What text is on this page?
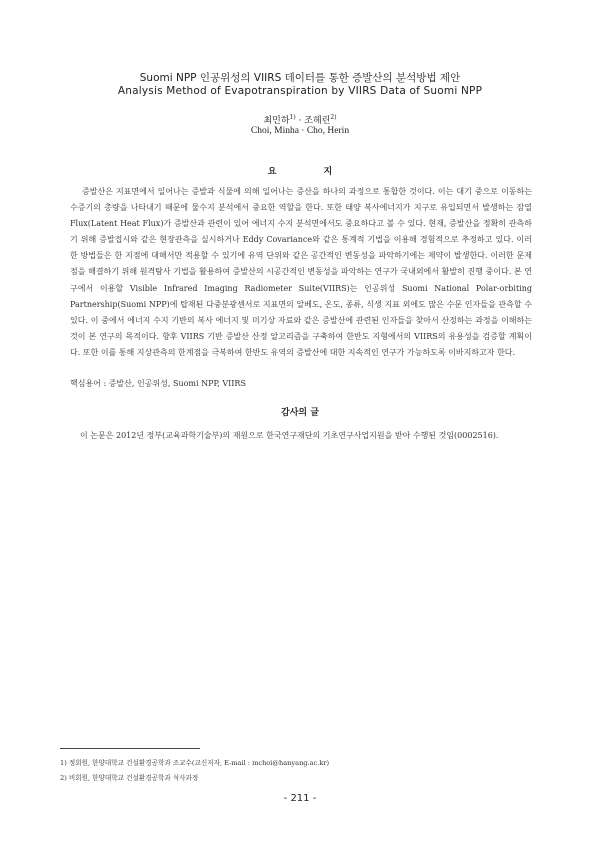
Suomi NPP 인공위성의 VIIRS 데이터를 통한 증발산의 분석방법 제안
Analysis Method of Evapotranspiration by VIIRS Data of Suomi NPP
최민하$^{1)}$ · 조헤린$^{2)}$
Choi, Minha · Cho, Herin
요 지
증발산은 지표면에서 일어나는 증발과 식물에 의해 일어나는 증산을 하나의 과정으로 통합한 것이다. 이는 대기 중으로 이동하는 수증기의 총량을 나타내기 때문에 물수지 분석에서 중요한 역할을 한다. 또한 태양 복사에너지가 지구로 유입되면서 발생하는 잠열 Flux(Latent Heat Flux)가 증발산과 관련이 있어 에너지 수지 분석면에서도 중요하다고 볼 수 있다. 현재, 증발산을 정확히 관측하기 위해 증발접시와 같은 현장관측을 실시하거나 Eddy Covariance와 같은 통계적 기법을 이용해 경험적으로 추정하고 있다. 이러한 방법들은 한 지점에 대해서만 적용할 수 있기에 유역 단위와 같은 공간적인 변동성을 파악하기에는 제약이 발생한다. 이러한 문제점을 해결하기 위해 원격탐사 기법을 활용하여 증발산의 시공간적인 변동성을 파악하는 연구가 국내외에서 활발히 진행 중이다. 본 연구에서 이용할 Visible Infrared Imaging Radiometer Suite(VIIRS)는 인공위성 Suomi National Polar-orbiting Partnership(Suomi NPP)에 탑재된 다중분광센서로 지표면의 알베도, 온도, 종류, 식생 지표 외에도 많은 수문 인자들을 관측할 수 있다. 이 중에서 에너지 수지 기반의 복사 에너지 및 미기상 자료와 같은 증발산에 관련된 인자들을 찾아서 산정하는 과정을 이해하는 것이 본 연구의 목적이다. 향후 VIIRS 기반 증발산 산정 알고리즘을 구축하여 한반도 지형에서의 VIIRS의 유용성을 검증할 계획이다. 또한 이를 통해 지상관측의 한계점을 극복하여 한반도 유역의 증발산에 대한 지속적인 연구가 가능하도록 이바지하고자 한다.
핵심용어 : 증발산, 인공위성, Suomi NPP, VIIRS
감사의 글
이 논문은 2012년 정부(교육과학기술부)의 재원으로 한국연구재단의 기초연구사업지원을 받아 수행된 것임(0002516).
1) 정회원, 한양대학교 건설환경공학과 조교수(교신저자, E-mail : mchoi@hanyang.ac.kr)
2) 비회원, 한양대학교 건설환경공학과 석사과정
- 211 -
